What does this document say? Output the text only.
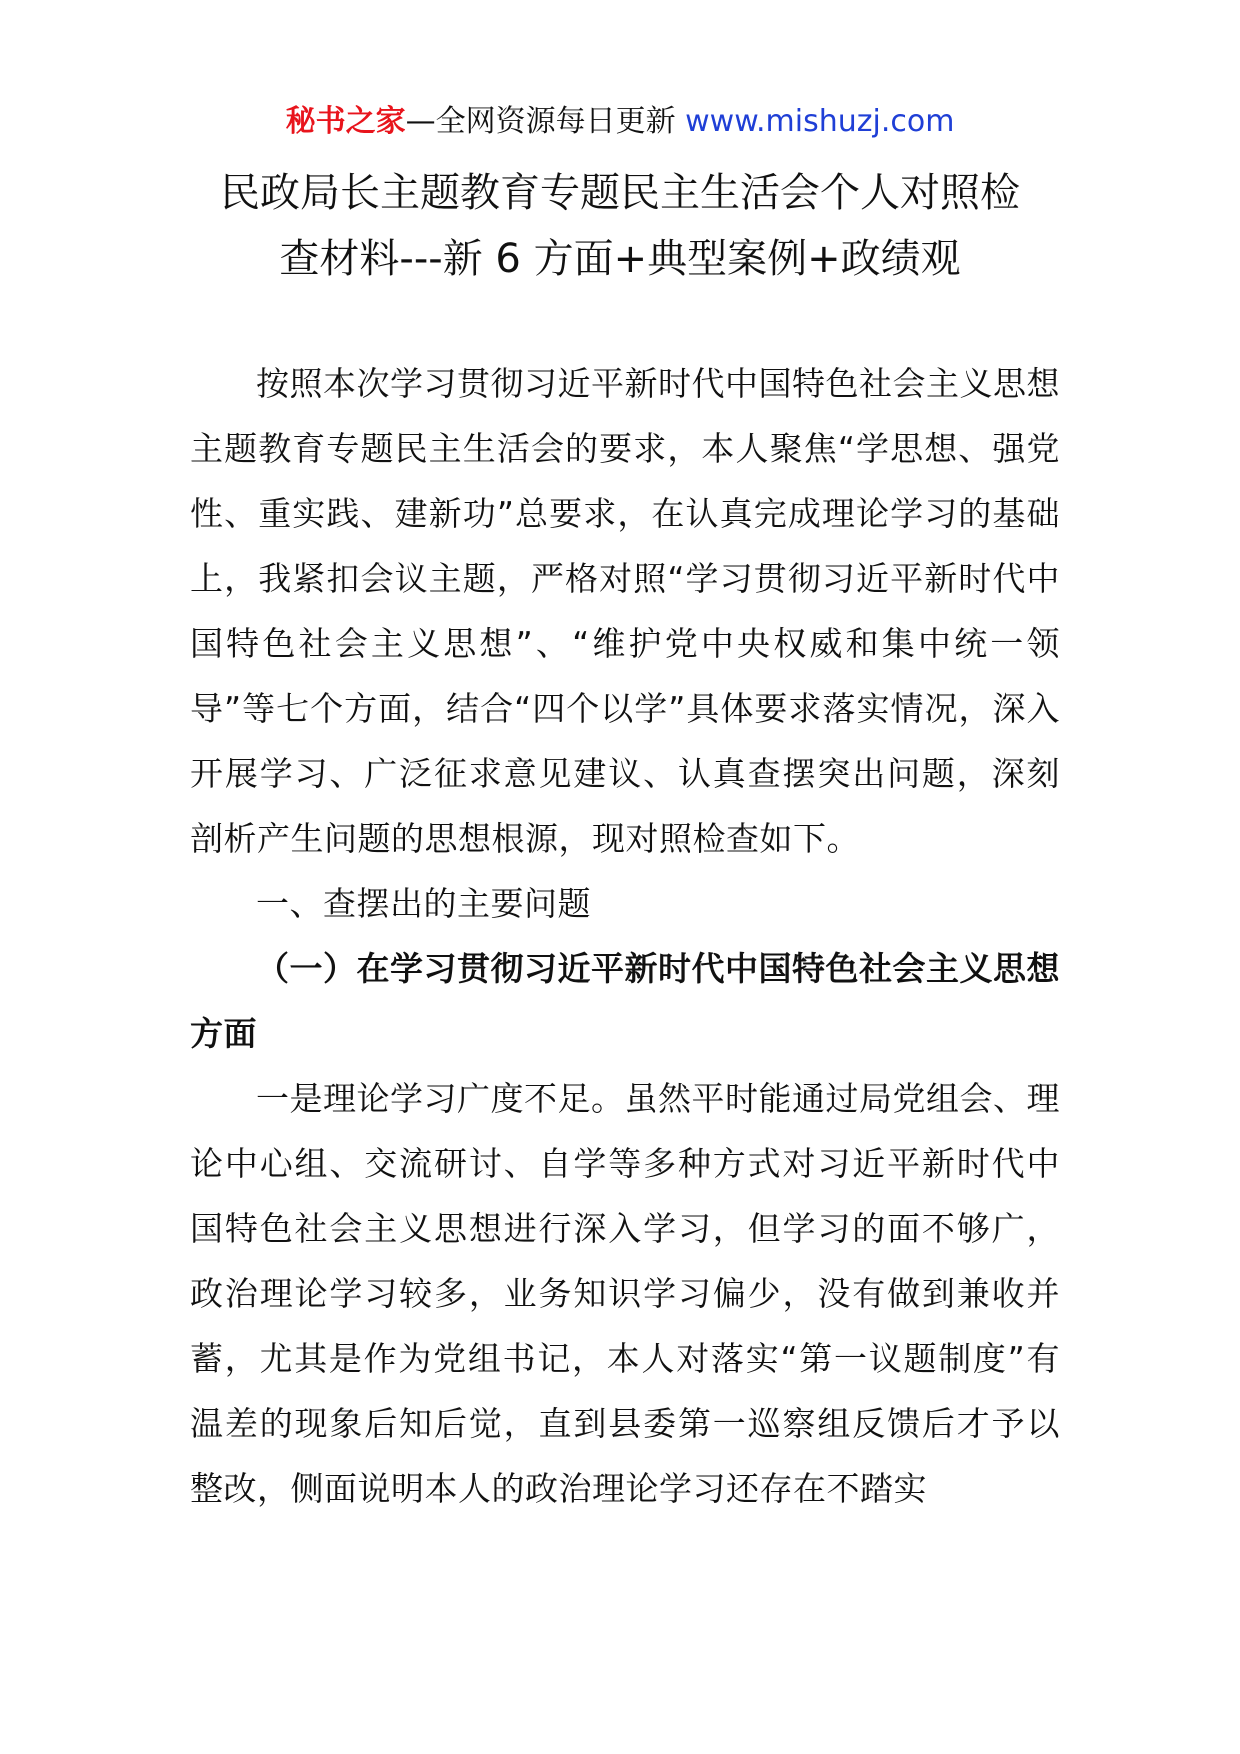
秘书之家—全网资源每日更新 www.mishuzj.com
民政局长主题教育专题民主生活会个人对照检
查材料---新 6 方面+典型案例+政绩观

按照本次学习贯彻习近平新时代中国特色社会主义思想主题教育专题民主生活会的要求，本人聚焦“学思想、强党性、重实践、建新功”总要求，在认真完成理论学习的基础上，我紧扣会议主题，严格对照“学习贯彻习近平新时代中国特色社会主义思想”、“维护党中央权威和集中统一领导”等七个方面，结合“四个以学”具体要求落实情况，深入开展学习、广泛征求意见建议、认真查摆突出问题，深刻剖析产生问题的思想根源，现对照检查如下。

一、查摆出的主要问题

（一）在学习贯彻习近平新时代中国特色社会主义思想方面

一是理论学习广度不足。虽然平时能通过局党组会、理论中心组、交流研讨、自学等多种方式对习近平新时代中国特色社会主义思想进行深入学习，但学习的面不够广，政治理论学习较多，业务知识学习偏少，没有做到兼收并蓄，尤其是作为党组书记，本人对落实“第一议题制度”有温差的现象后知后觉，直到县委第一巡察组反馈后才予以整改，侧面说明本人的政治理论学习还存在不踏实
